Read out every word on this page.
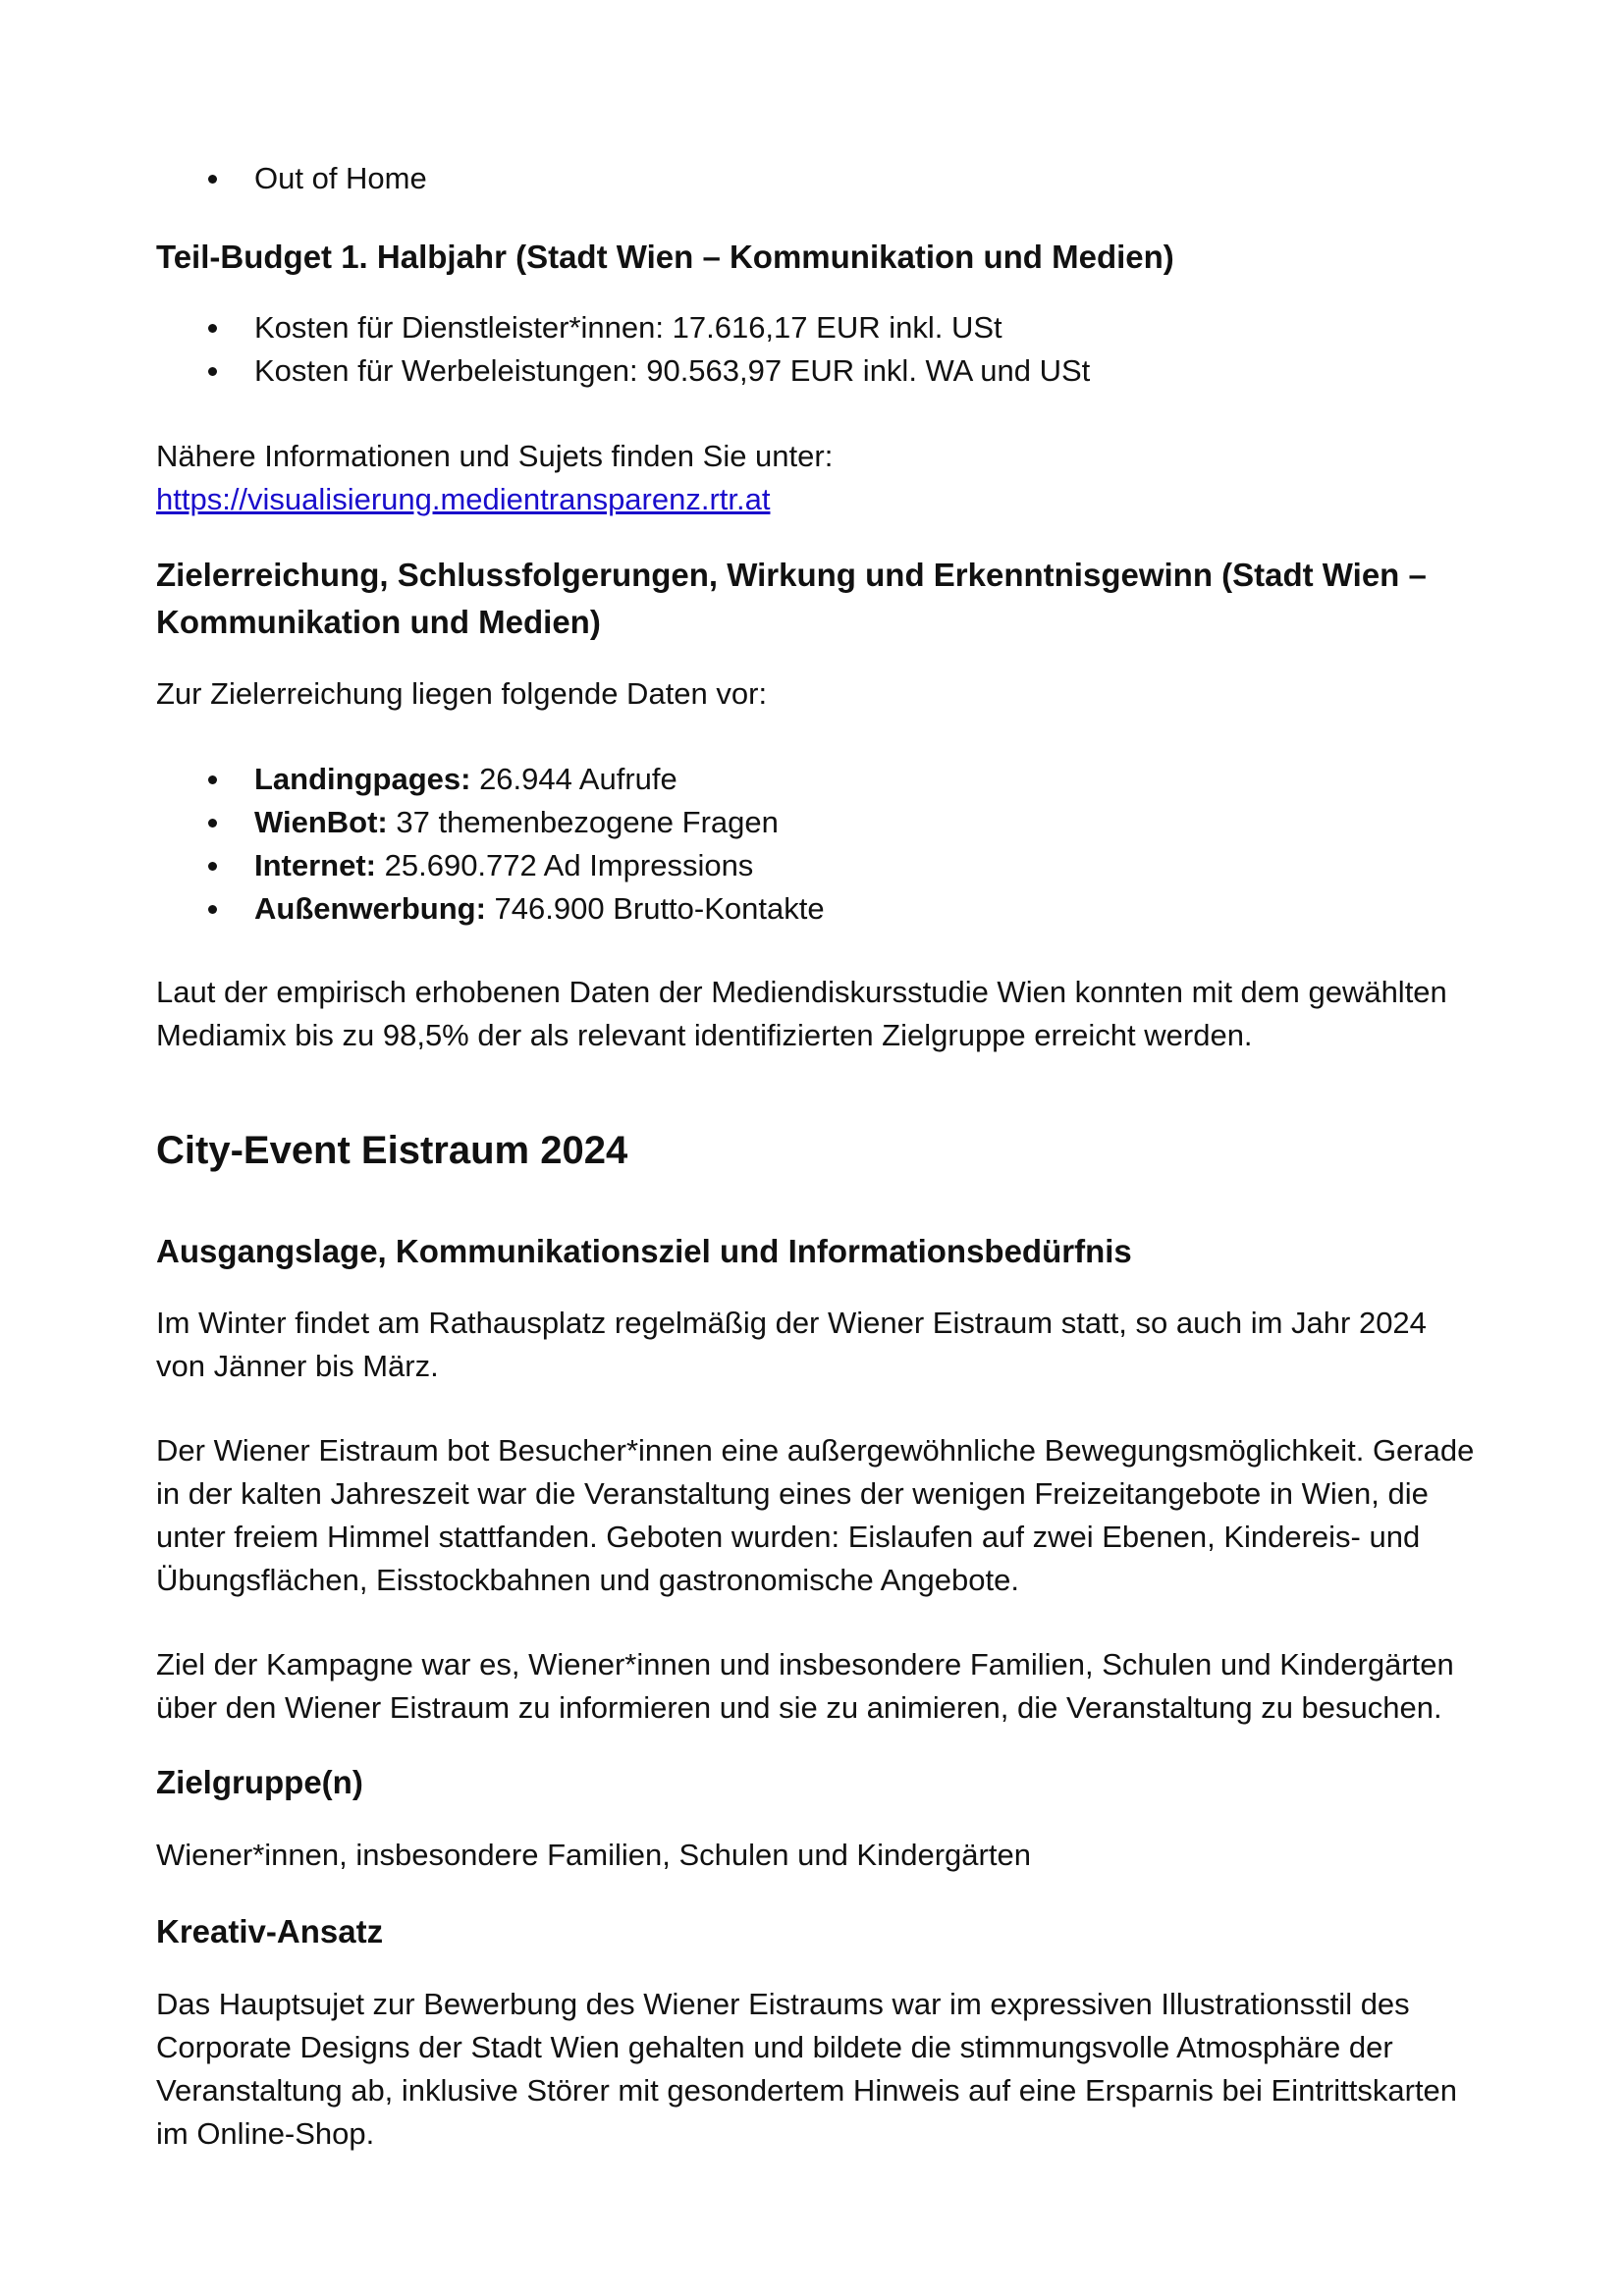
Out of Home
Teil-Budget 1. Halbjahr (Stadt Wien – Kommunikation und Medien)
Kosten für Dienstleister*innen: 17.616,17 EUR inkl. USt
Kosten für Werbeleistungen: 90.563,97 EUR inkl. WA und USt

Nähere Informationen und Sujets finden Sie unter:

https://visualisierung.medientransparenz.rtr.at

Zielerreichung, Schlussfolgerungen, Wirkung und Erkenntnisgewinn (Stadt Wien – Kommunikation und Medien)

Zur Zielerreichung liegen folgende Daten vor:

Landingpages: 26.944 Aufrufe
WienBot: 37 themenbezogene Fragen
Internet: 25.690.772 Ad Impressions
Außenwerbung: 746.900 Brutto-Kontakte

Laut der empirisch erhobenen Daten der Mediendiskursstudie Wien konnten mit dem gewählten Mediamix bis zu 98,5% der als relevant identifizierten Zielgruppe erreicht werden.

City-Event Eistraum 2024
Ausgangslage, Kommunikationsziel und Informationsbedürfnis

Im Winter findet am Rathausplatz regelmäßig der Wiener Eistraum statt, so auch im Jahr 2024 von Jänner bis März.

Der Wiener Eistraum bot Besucher*innen eine außergewöhnliche Bewegungsmöglichkeit. Gerade in der kalten Jahreszeit war die Veranstaltung eines der wenigen Freizeitangebote in Wien, die unter freiem Himmel stattfanden. Geboten wurden: Eislaufen auf zwei Ebenen, Kindereis- und Übungsflächen, Eisstockbahnen und gastronomische Angebote.

Ziel der Kampagne war es, Wiener*innen und insbesondere Familien, Schulen und Kindergärten über den Wiener Eistraum zu informieren und sie zu animieren, die Veranstaltung zu besuchen.

Zielgruppe(n)

Wiener*innen, insbesondere Familien, Schulen und Kindergärten

Kreativ-Ansatz

Das Hauptsujet zur Bewerbung des Wiener Eistraums war im expressiven Illustrationsstil des Corporate Designs der Stadt Wien gehalten und bildete die stimmungsvolle Atmosphäre der Veranstaltung ab, inklusive Störer mit gesondertem Hinweis auf eine Ersparnis bei Eintrittskarten im Online-Shop.
